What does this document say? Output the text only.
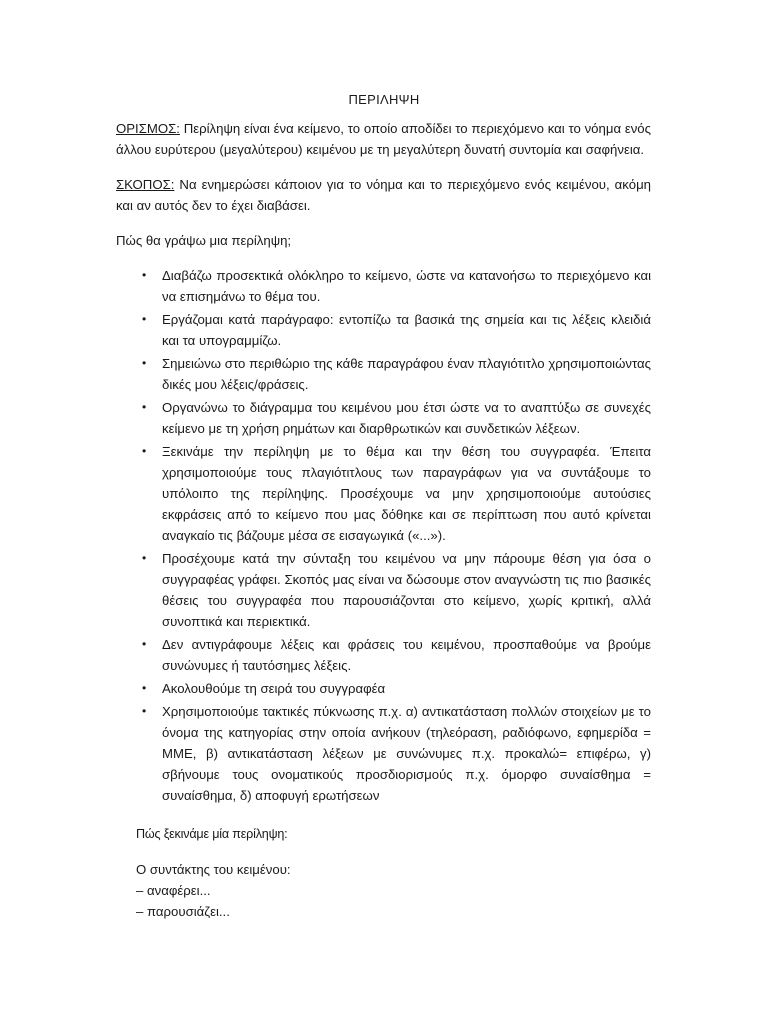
ΠΕΡΙΛΗΨΗ

ΟΡΙΣΜΟΣ: Περίληψη είναι ένα κείμενο, το οποίο αποδίδει το περιεχόμενο και το νόημα ενός άλλου ευρύτερου (μεγαλύτερου) κειμένου με τη μεγαλύτερη δυνατή συντομία και σαφήνεια.

ΣΚΟΠΟΣ: Να ενημερώσει κάποιον για το νόημα και το περιεχόμενο ενός κειμένου, ακόμη και αν αυτός δεν το έχει διαβάσει.

Πώς θα γράψω μια περίληψη;

• Διαβάζω προσεκτικά ολόκληρο το κείμενο, ώστε να κατανοήσω το περιεχόμενο και να επισημάνω το θέμα του.
• Εργάζομαι κατά παράγραφο: εντοπίζω τα βασικά της σημεία και τις λέξεις κλειδιά και τα υπογραμμίζω.
• Σημειώνω στο περιθώριο της κάθε παραγράφου έναν πλαγιότιτλο χρησιμοποιώντας δικές μου λέξεις/φράσεις.
• Οργανώνω το διάγραμμα του κειμένου μου έτσι ώστε να το αναπτύξω σε συνεχές κείμενο με τη χρήση ρημάτων και διαρθρωτικών και συνδετικών λέξεων.
• Ξεκινάμε την περίληψη με το θέμα και την θέση του συγγραφέα. Έπειτα χρησιμοποιούμε τους πλαγιότιτλους των παραγράφων για να συντάξουμε το υπόλοιπο της περίληψης. Προσέχουμε να μην χρησιμοποιούμε αυτούσιες εκφράσεις από το κείμενο που μας δόθηκε και σε περίπτωση που αυτό κρίνεται αναγκαίο τις βάζουμε μέσα σε εισαγωγικά («...»).
• Προσέχουμε κατά την σύνταξη του κειμένου να μην πάρουμε θέση για όσα ο συγγραφέας γράφει. Σκοπός μας είναι να δώσουμε στον αναγνώστη τις πιο βασικές θέσεις του συγγραφέα που παρουσιάζονται στο κείμενο, χωρίς κριτική, αλλά συνοπτικά και περιεκτικά.
• Δεν αντιγράφουμε λέξεις και φράσεις του κειμένου, προσπαθούμε να βρούμε συνώνυμες ή ταυτόσημες λέξεις.
• Ακολουθούμε τη σειρά του συγγραφέα
• Χρησιμοποιούμε τακτικές πύκνωσης π.χ. α) αντικατάσταση πολλών στοιχείων με το όνομα της κατηγορίας στην οποία ανήκουν (τηλεόραση, ραδιόφωνο, εφημερίδα = ΜΜΕ, β) αντικατάσταση λέξεων με συνώνυμες π.χ. προκαλώ= επιφέρω, γ) σβήνουμε τους ονοματικούς προσδιορισμούς π.χ. όμορφο συναίσθημα = συναίσθημα, δ) αποφυγή ερωτήσεων
Πώς ξεκινάμε μία περίληψη:
Ο συντάκτης του κειμένου:
– αναφέρει...
– παρουσιάζει...
